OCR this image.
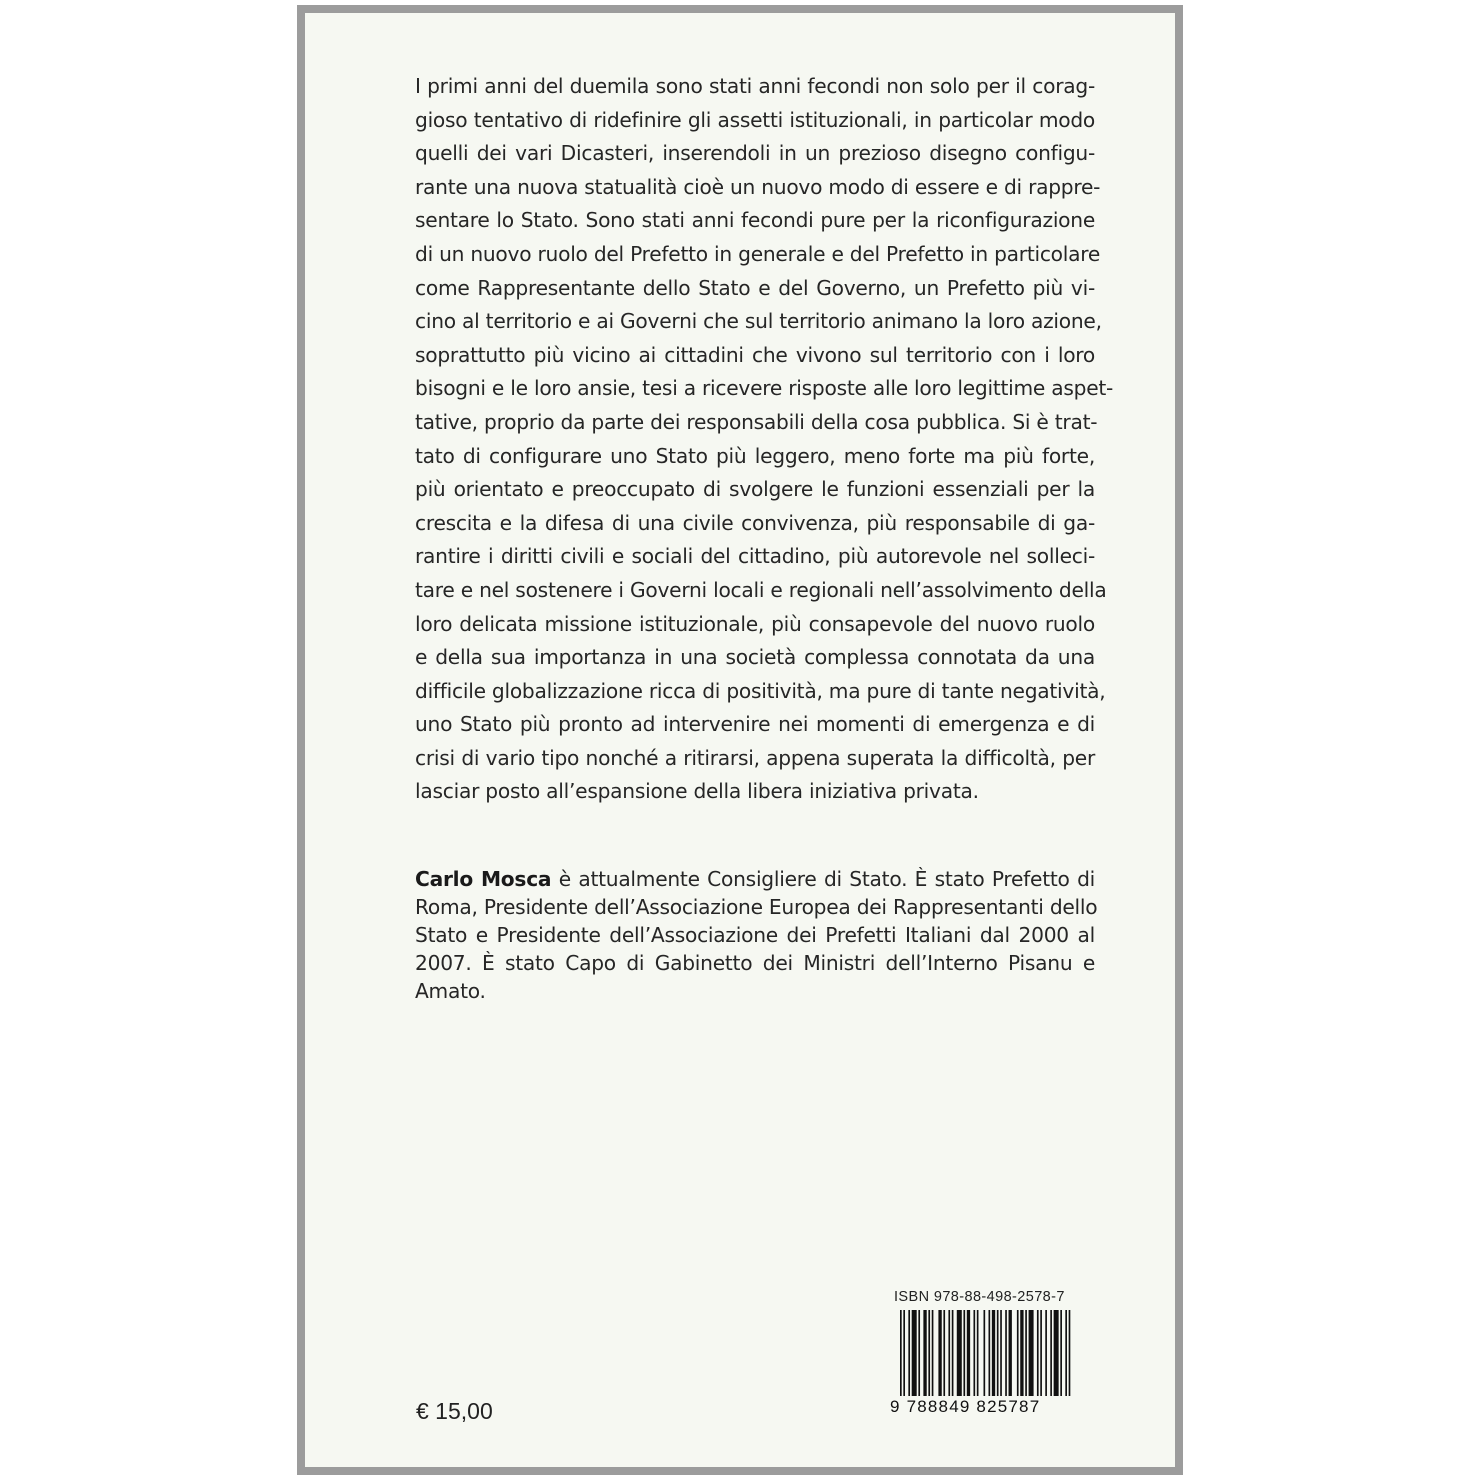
I primi anni del duemila sono stati anni fecondi non solo per il corag-
gioso tentativo di ridefinire gli assetti istituzionali, in particolar modo
quelli dei vari Dicasteri, inserendoli in un prezioso disegno configu-
rante una nuova statualità cioè un nuovo modo di essere e di rappre-
sentare lo Stato. Sono stati anni fecondi pure per la riconfigurazione
di un nuovo ruolo del Prefetto in generale e del Prefetto in particolare
come Rappresentante dello Stato e del Governo, un Prefetto più vi-
cino al territorio e ai Governi che sul territorio animano la loro azione,
soprattutto più vicino ai cittadini che vivono sul territorio con i loro
bisogni e le loro ansie, tesi a ricevere risposte alle loro legittime aspet-
tative, proprio da parte dei responsabili della cosa pubblica. Si è trat-
tato di configurare uno Stato più leggero, meno forte ma più forte,
più orientato e preoccupato di svolgere le funzioni essenziali per la
crescita e la difesa di una civile convivenza, più responsabile di ga-
rantire i diritti civili e sociali del cittadino, più autorevole nel solleci-
tare e nel sostenere i Governi locali e regionali nell’assolvimento della
loro delicata missione istituzionale, più consapevole del nuovo ruolo
e della sua importanza in una società complessa connotata da una
difficile globalizzazione ricca di positività, ma pure di tante negatività,
uno Stato più pronto ad intervenire nei momenti di emergenza e di
crisi di vario tipo nonché a ritirarsi, appena superata la difficoltà, per
lasciar posto all’espansione della libera iniziativa privata.

Carlo Mosca è attualmente Consigliere di Stato. È stato Prefetto di
Roma, Presidente dell’Associazione Europea dei Rappresentanti dello
Stato e Presidente dell’Associazione dei Prefetti Italiani dal 2000 al
2007. È stato Capo di Gabinetto dei Ministri dell’Interno Pisanu e
Amato.
ISBN 978-88-498-2578-7
9 788849 825787
€ 15,00
